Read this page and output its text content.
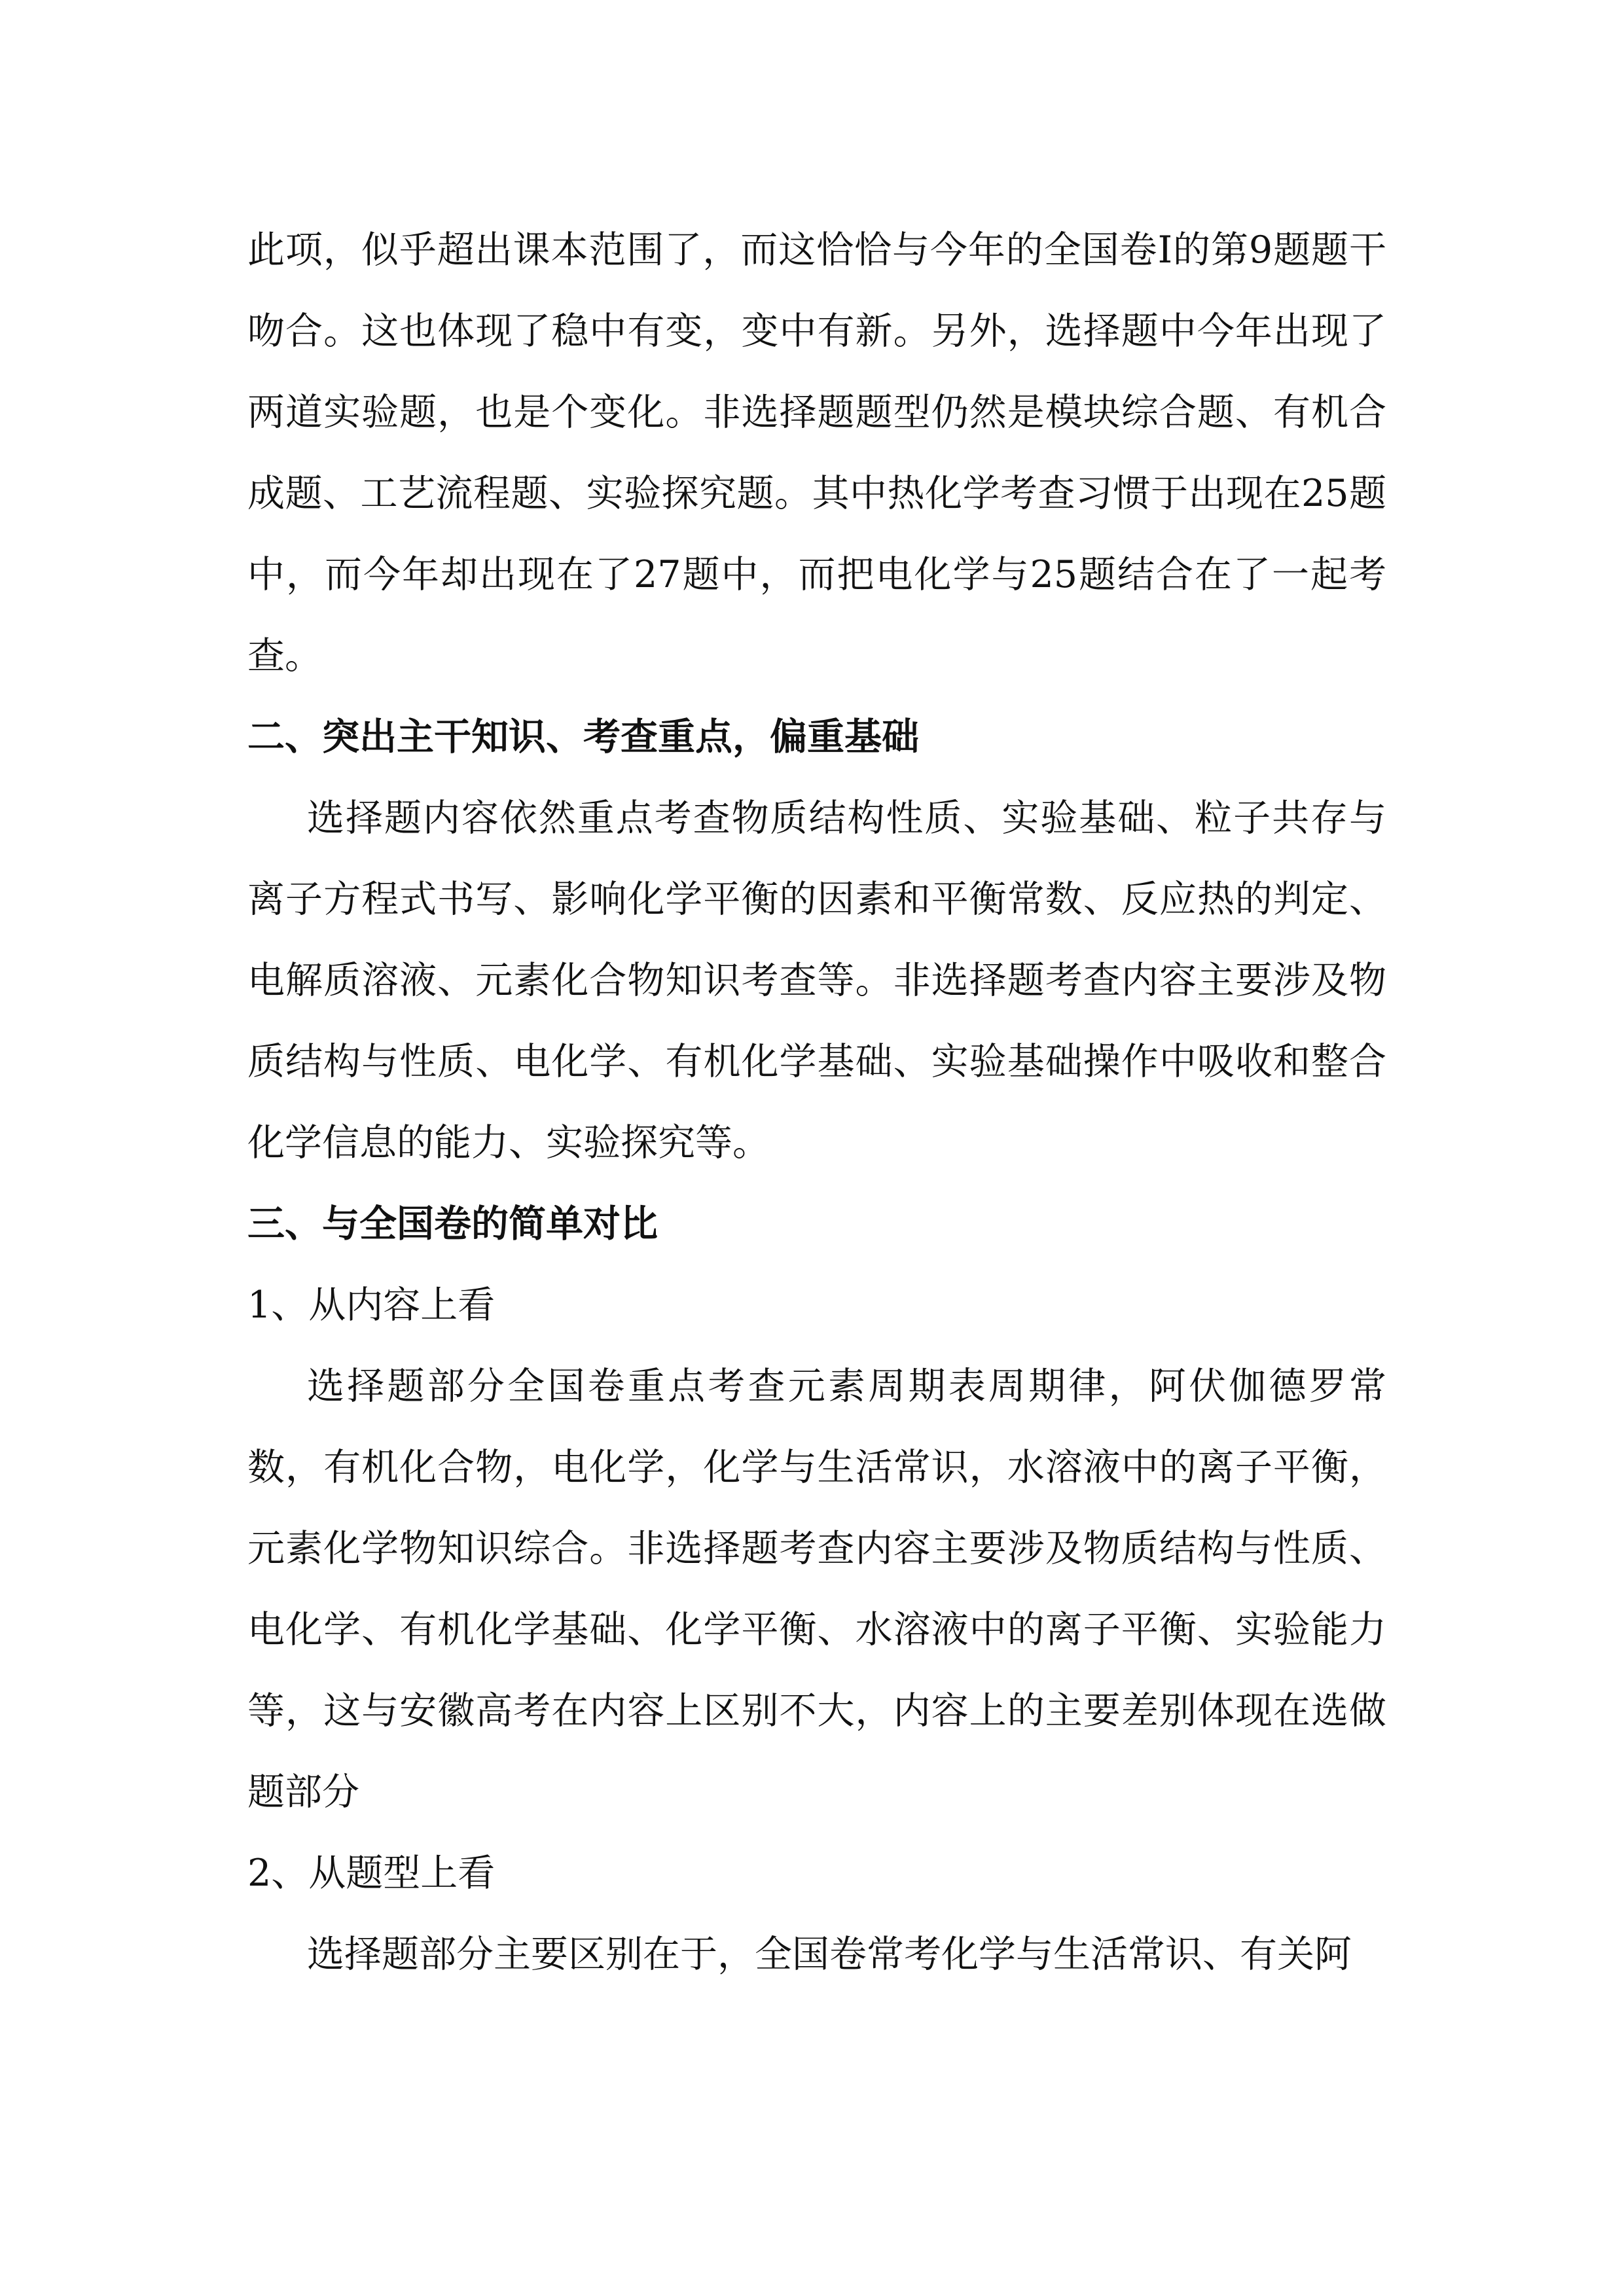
此项，似乎超出课本范围了，而这恰恰与今年的全国卷Ⅰ的第9题题干吻合。这也体现了稳中有变，变中有新。另外，选择题中今年出现了两道实验题，也是个变化。非选择题题型仍然是模块综合题、有机合成题、工艺流程题、实验探究题。其中热化学考查习惯于出现在25题中，而今年却出现在了27题中，而把电化学与25题结合在了一起考查。

二、突出主干知识、考查重点，偏重基础

选择题内容依然重点考查物质结构性质、实验基础、粒子共存与离子方程式书写、影响化学平衡的因素和平衡常数、反应热的判定、电解质溶液、元素化合物知识考查等。非选择题考查内容主要涉及物质结构与性质、电化学、有机化学基础、实验基础操作中吸收和整合化学信息的能力、实验探究等。

三、与全国卷的简单对比

1、从内容上看

选择题部分全国卷重点考查元素周期表周期律，阿伏伽德罗常数，有机化合物，电化学，化学与生活常识，水溶液中的离子平衡，元素化学物知识综合。非选择题考查内容主要涉及物质结构与性质、电化学、有机化学基础、化学平衡、水溶液中的离子平衡、实验能力等，这与安徽高考在内容上区别不大，内容上的主要差别体现在选做题部分

2、从题型上看

选择题部分主要区别在于，全国卷常考化学与生活常识、有关阿
